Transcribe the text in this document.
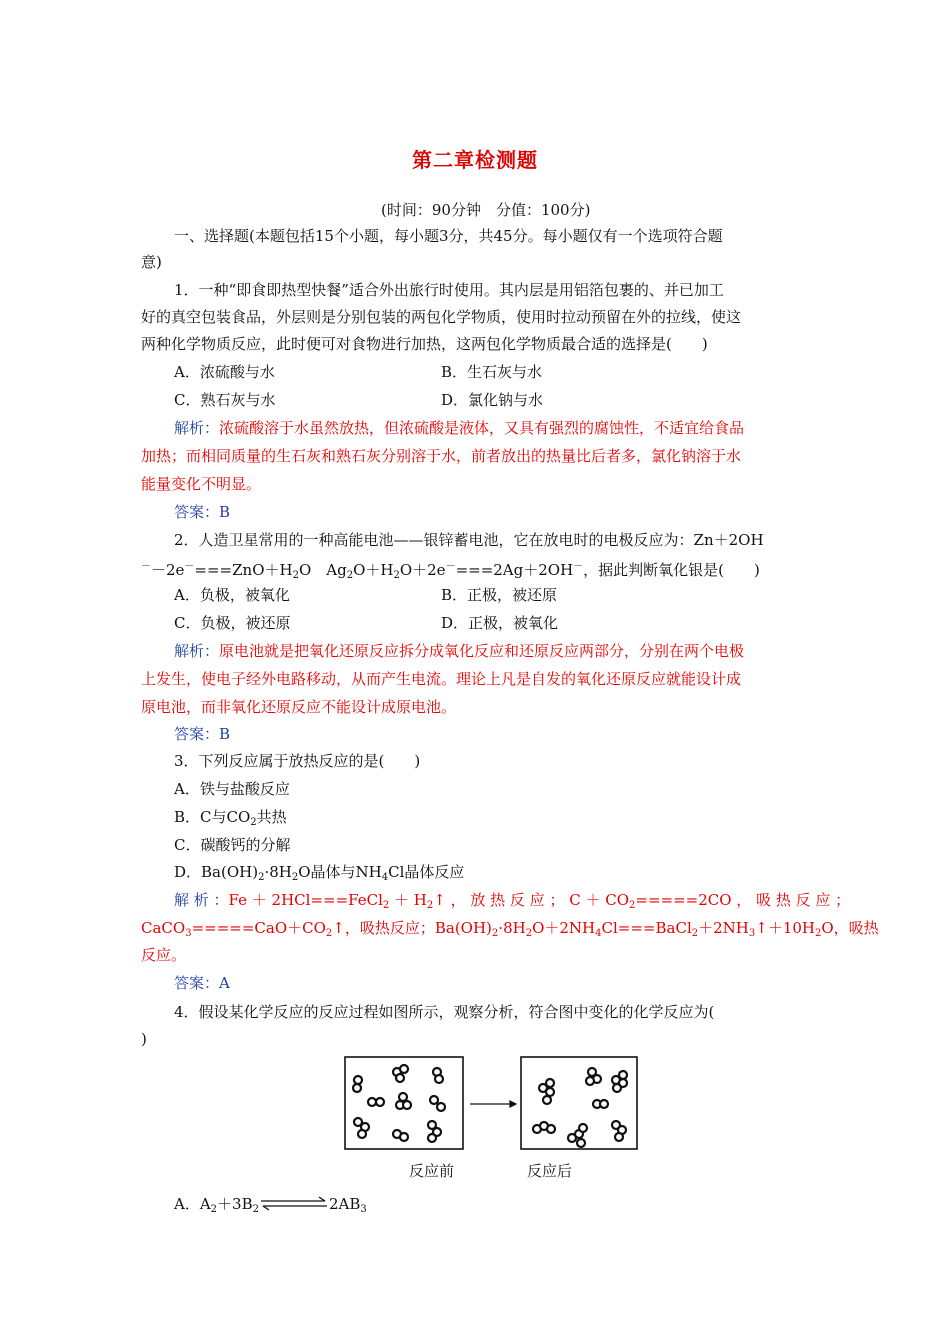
第二章检测题
(时间：90分钟　分值：100分)
一、选择题(本题包括15个小题，每小题3分，共45分。每小题仅有一个选项符合题
意)
1．一种“即食即热型快餐”适合外出旅行时使用。其内层是用铝箔包裹的、并已加工
好的真空包装食品，外层则是分别包装的两包化学物质，使用时拉动预留在外的拉线，使这
两种化学物质反应，此时便可对食物进行加热，这两包化学物质最合适的选择是(　　)
A．浓硫酸与水	B．生石灰与水
C．熟石灰与水	D．氯化钠与水
解析：浓硫酸溶于水虽然放热，但浓硫酸是液体，又具有强烈的腐蚀性，不适宜给食品
加热；而相同质量的生石灰和熟石灰分别溶于水，前者放出的热量比后者多，氯化钠溶于水
能量变化不明显。
答案：B
2．人造卫星常用的一种高能电池——银锌蓄电池，它在放电时的电极反应为：Zn＋2OH
$^--2e^-===ZnO+H_2O$　$Ag_2O+H_2O+2e^-===2Ag+2OH^-$，据此判断氧化银是(　　)
A．负极，被氧化	B．正极，被还原
C．负极，被还原	D．正极，被氧化
解析：原电池就是把氧化还原反应拆分成氧化反应和还原反应两部分，分别在两个电极
上发生，使电子经外电路移动，从而产生电流。理论上凡是自发的氧化还原反应就能设计成
原电池，而非氧化还原反应不能设计成原电池。
答案：B
3．下列反应属于放热反应的是(　　)
A．铁与盐酸反应
B．C与$CO_2$共热
C．碳酸钙的分解
D．$Ba(OH)_2\cdot 8H_2O$晶体与$NH_4Cl$晶体反应
解 析 ：Fe ＋ 2HCl===FeCl$_2$ ＋ $H_2↑$ ， 放 热 反 应 ； $C + CO_2=====2CO$ ， 吸 热 反 应 ；
$CaCO_3=====CaO+CO_2↑$，吸热反应；$Ba(OH)_2\cdot 8H_2O+2NH_4Cl===BaCl_2+2NH_3↑+10H_2O$，吸热
反应。
答案：A
4．假设某化学反应的反应过程如图所示，观察分析，符合图中变化的化学反应为(
)
反应前	反应后
A．$A_2+3B_2$	$2AB_3$
